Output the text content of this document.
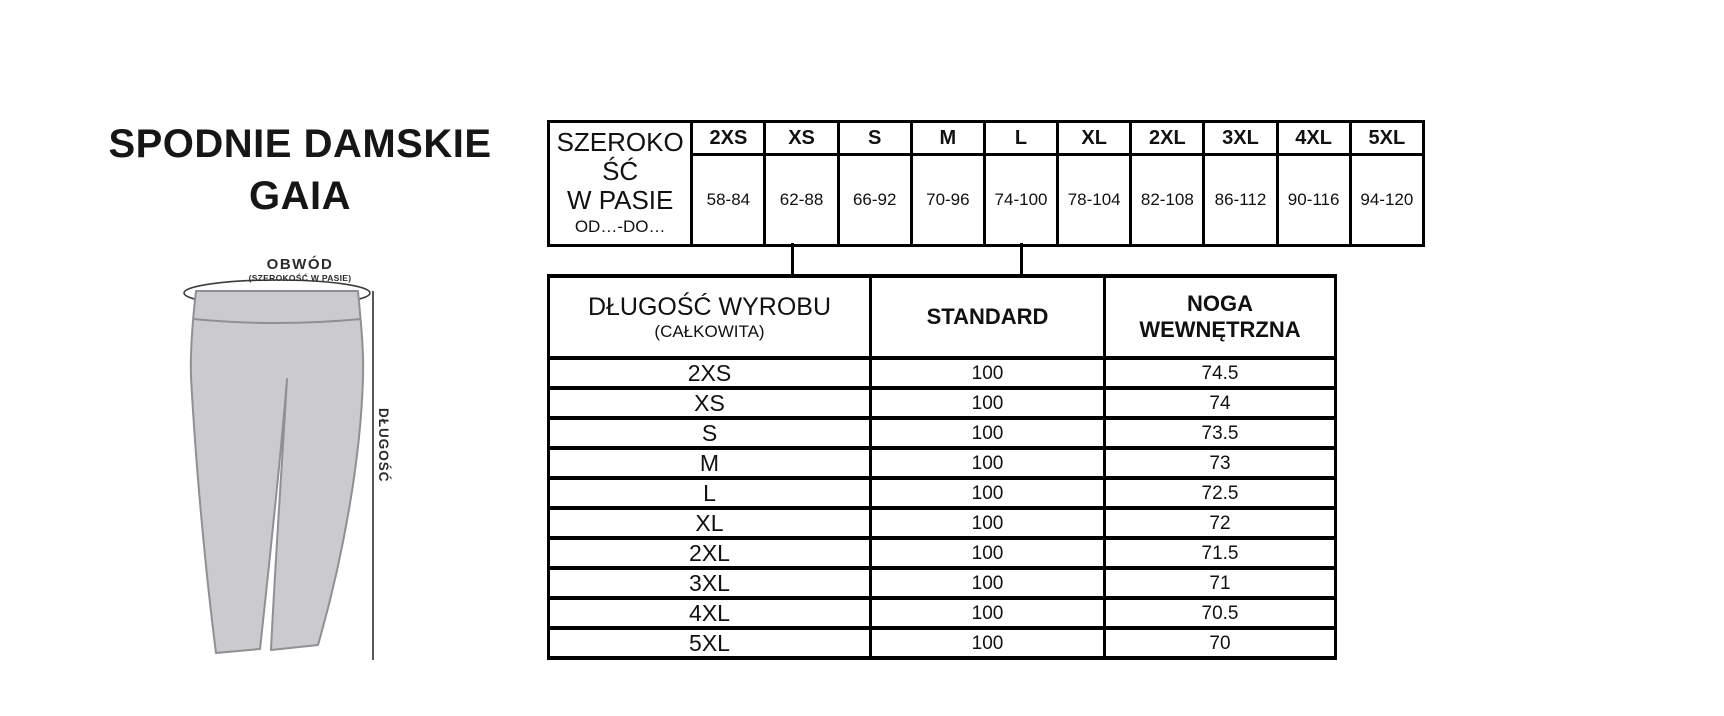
SPODNIE DAMSKIE
GAIA
OBWÓD
(SZEROKOŚĆ W PASIE)
DŁUGOŚĆ
SZEROKOŚĆ
W PASIE
OD…-DO…	2XS	XS	S	M	L	XL	2XL	3XL	4XL	5XL
	58-84	62-88	66-92	70-96	74-100	78-104	82-108	86-112	90-116	94-120
DŁUGOŚĆ WYROBU
(CAŁKOWITA)	STANDARD	NOGA WEWNĘTRZNA
2XS	100	74.5
XS	100	74
S	100	73.5
M	100	73
L	100	72.5
XL	100	72
2XL	100	71.5
3XL	100	71
4XL	100	70.5
5XL	100	70
